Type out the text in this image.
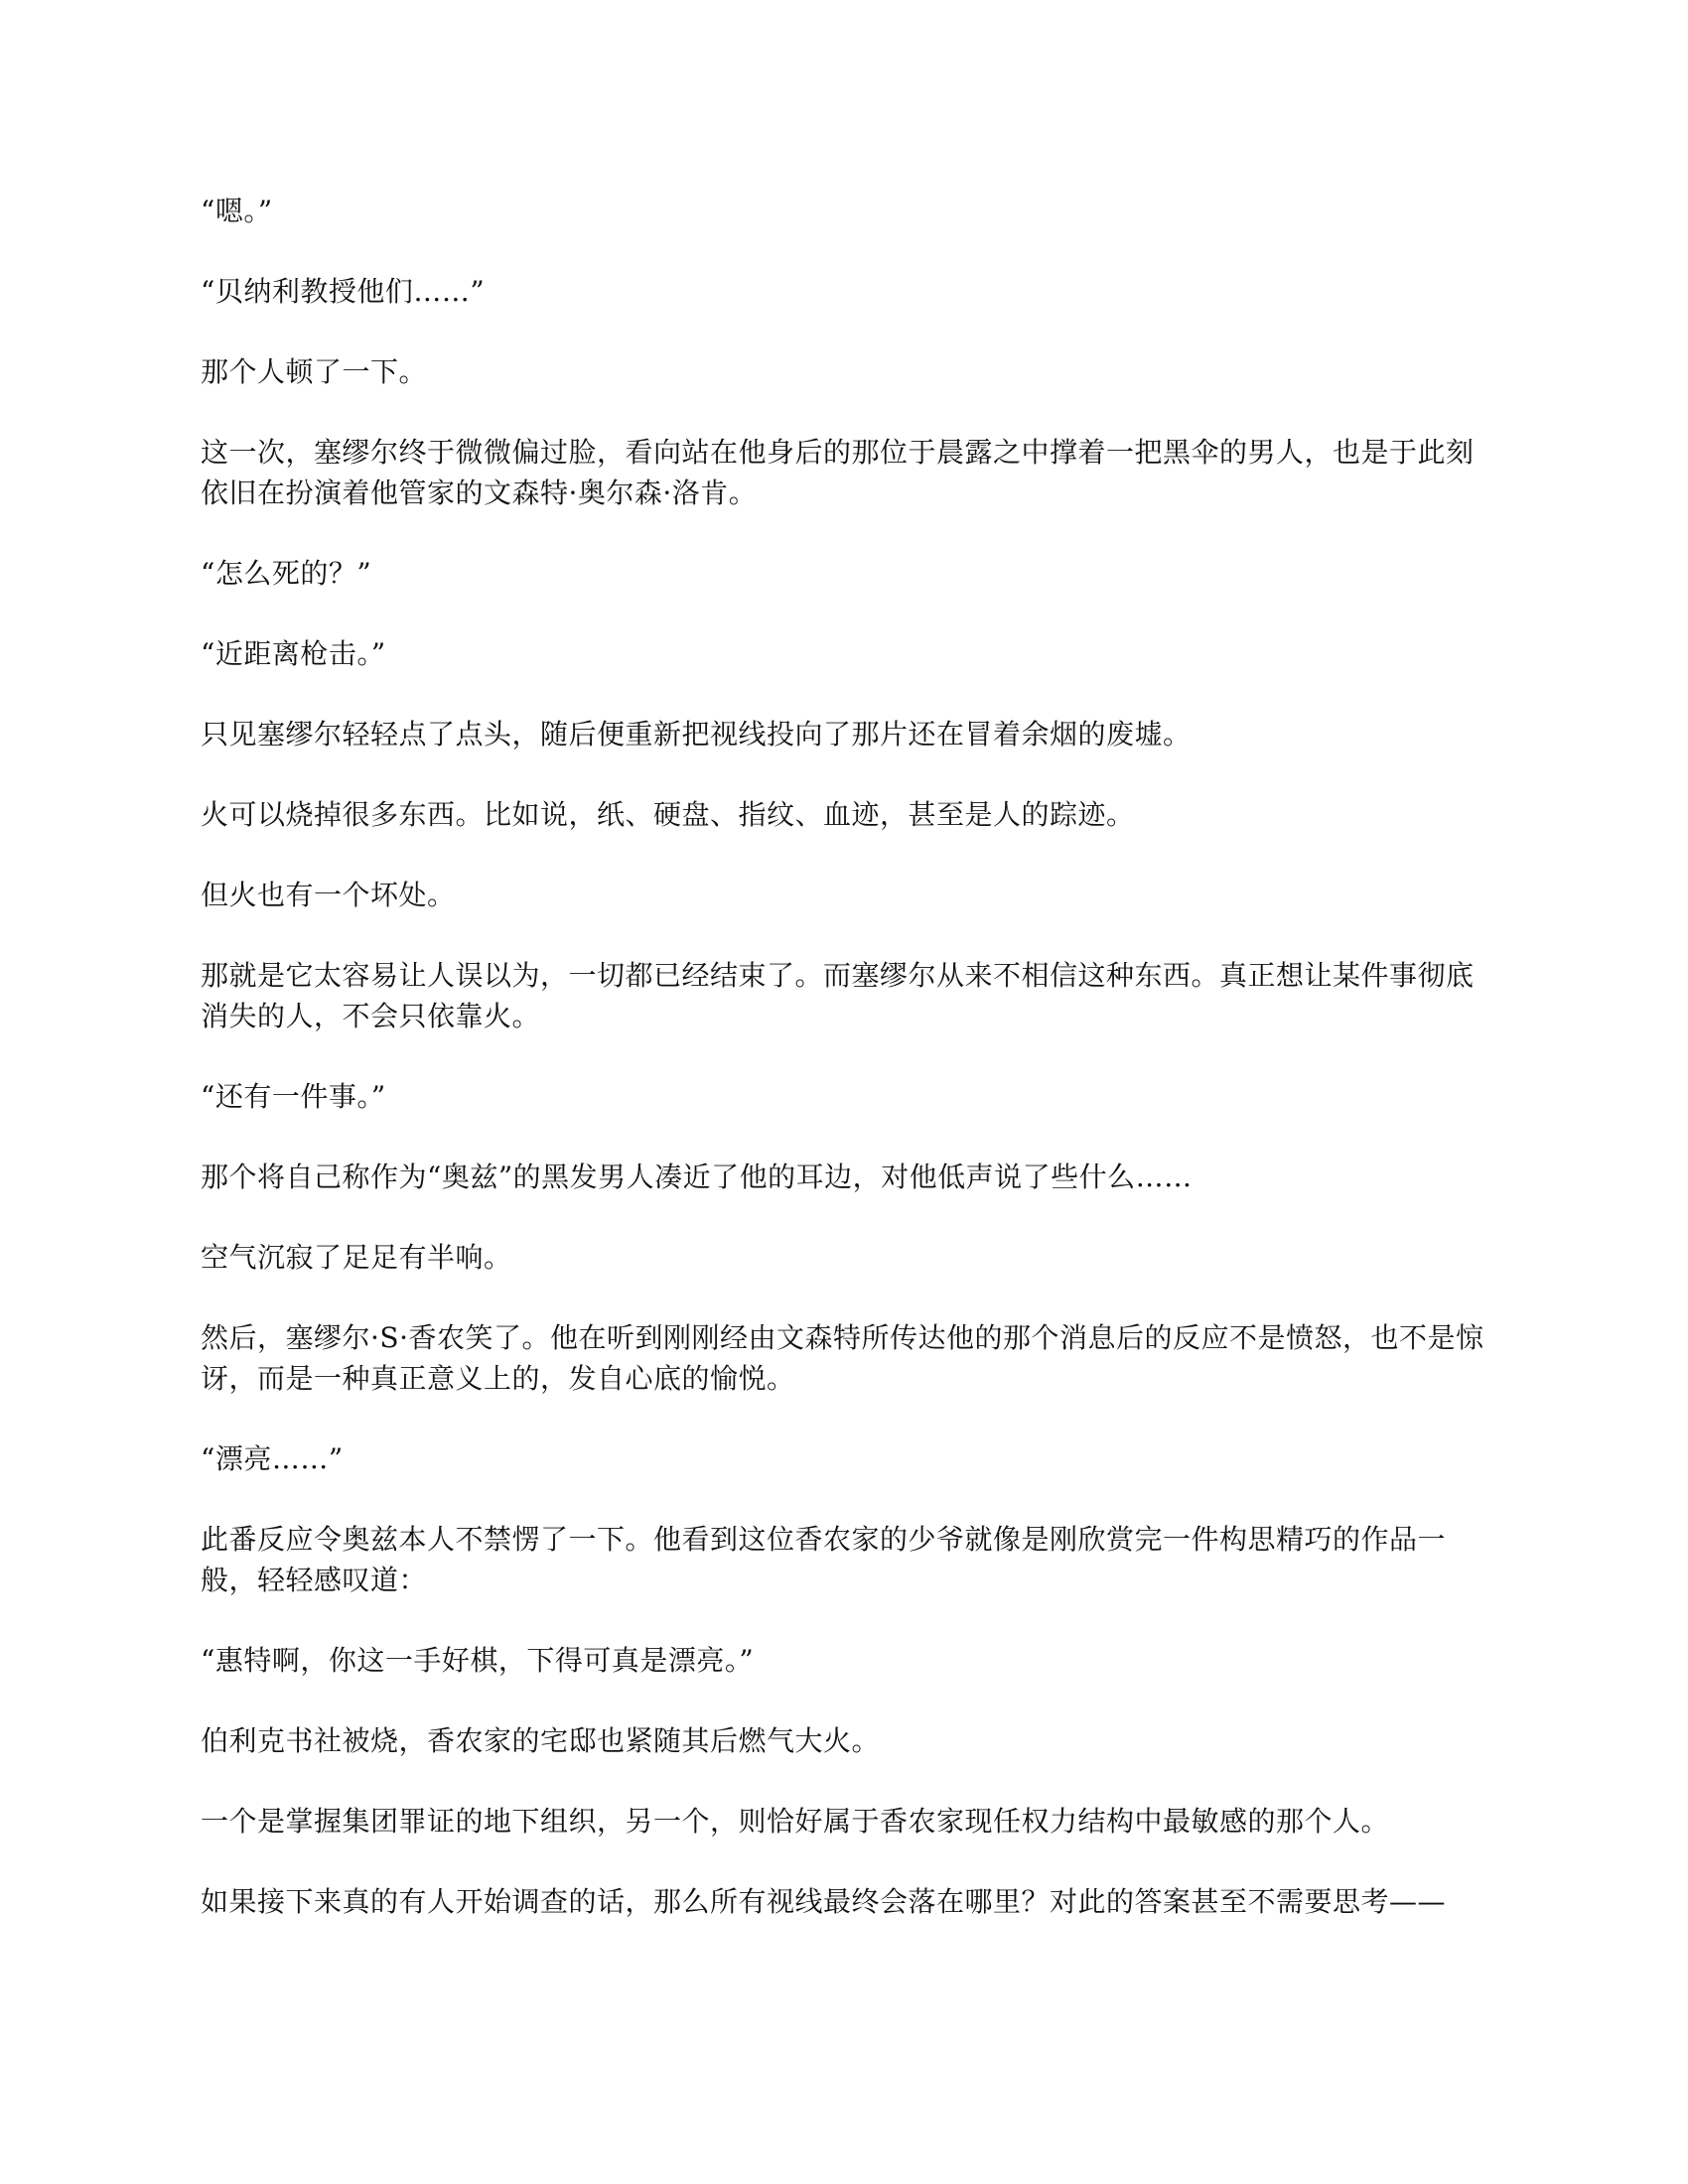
“嗯。”

“贝纳利教授他们……”

那个人顿了一下。

这一次，塞缪尔终于微微偏过脸，看向站在他身后的那位于晨露之中撑着一把黑伞的男人，也是于此刻依旧在扮演着他管家的文森特·奥尔森·洛肯。

“怎么死的？”

“近距离枪击。”

只见塞缪尔轻轻点了点头，随后便重新把视线投向了那片还在冒着余烟的废墟。

火可以烧掉很多东西。比如说，纸、硬盘、指纹、血迹，甚至是人的踪迹。

但火也有一个坏处。

那就是它太容易让人误以为，一切都已经结束了。而塞缪尔从来不相信这种东西。真正想让某件事彻底消失的人，不会只依靠火。

“还有一件事。”

那个将自己称作为“奥兹”的黑发男人凑近了他的耳边，对他低声说了些什么……

空气沉寂了足足有半响。

然后，塞缪尔·S·香农笑了。他在听到刚刚经由文森特所传达他的那个消息后的反应不是愤怒，也不是惊讶，而是一种真正意义上的，发自心底的愉悦。

“漂亮……”

此番反应令奥兹本人不禁愣了一下。他看到这位香农家的少爷就像是刚欣赏完一件构思精巧的作品一般，轻轻感叹道：

“惠特啊，你这一手好棋，下得可真是漂亮。”

伯利克书社被烧，香农家的宅邸也紧随其后燃气大火。

一个是掌握集团罪证的地下组织，另一个，则恰好属于香农家现任权力结构中最敏感的那个人。

如果接下来真的有人开始调查的话，那么所有视线最终会落在哪里？对此的答案甚至不需要思考——
